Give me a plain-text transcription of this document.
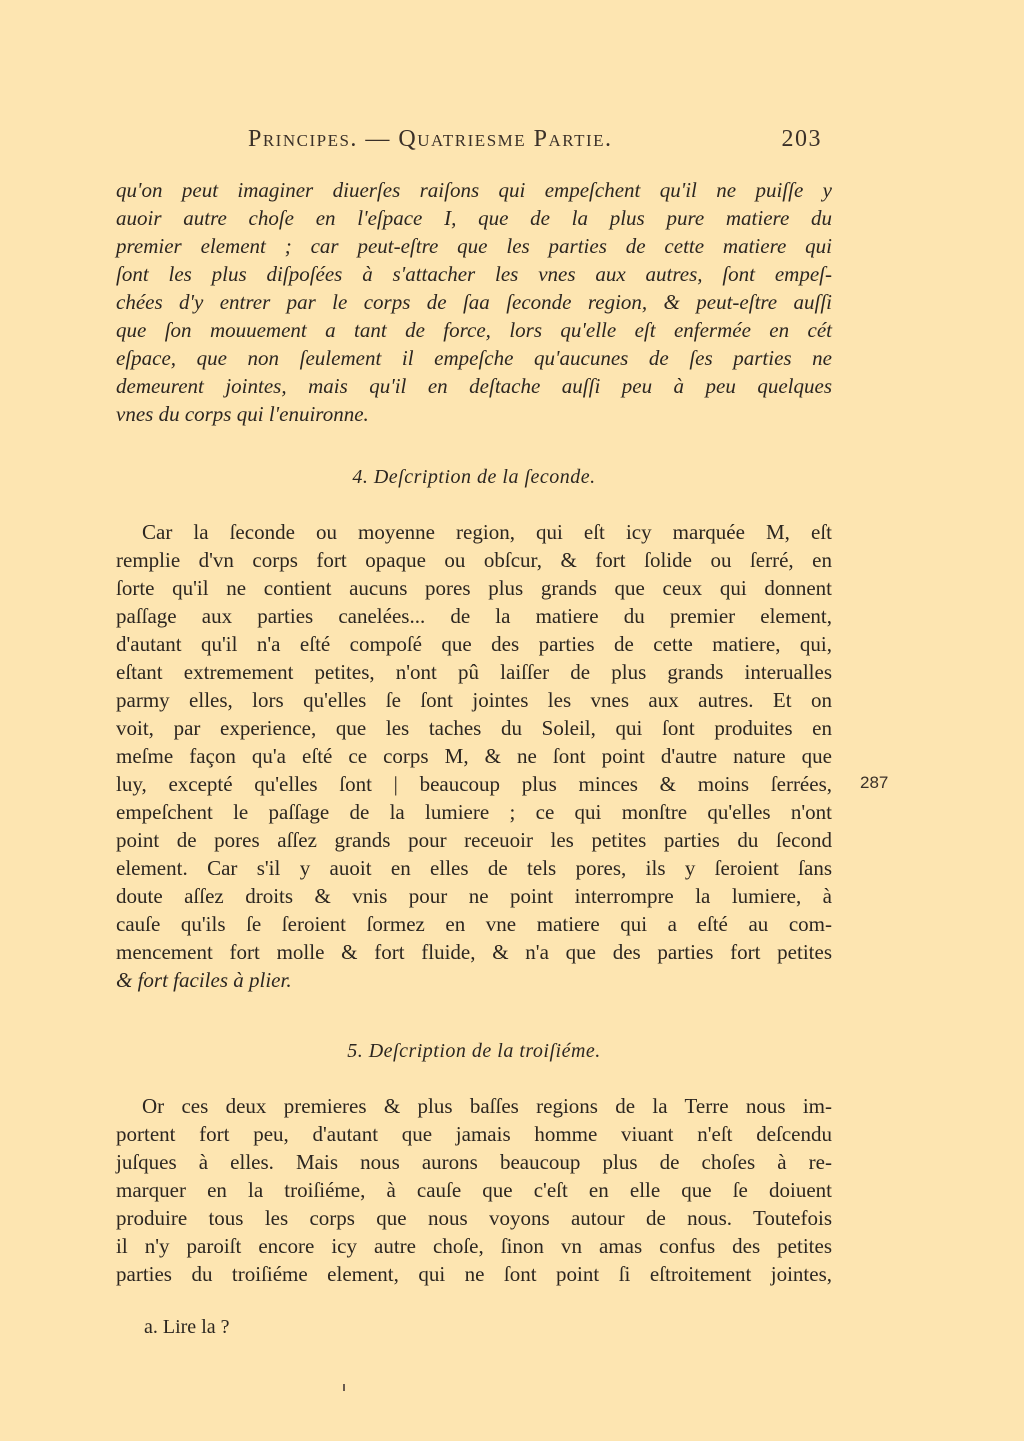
Principes. — Quatriesme Partie.	203
qu'on peut imaginer diuerſes raiſons qui empeſchent qu'il ne puiſſe y
auoir autre choſe en l'eſpace I, que de la plus pure matiere du
premier element ; car peut-eſtre que les parties de cette matiere qui
ſont les plus diſpoſées à s'attacher les vnes aux autres, ſont empeſ-
chées d'y entrer par le corps de ſaa ſeconde region, & peut-eſtre auſſi
que ſon mouuement a tant de force, lors qu'elle eſt enfermée en cét
eſpace, que non ſeulement il empeſche qu'aucunes de ſes parties ne
demeurent jointes, mais qu'il en deſtache auſſi peu à peu quelques
vnes du corps qui l'enuironne.
4. Deſcription de la ſeconde.
Car la ſeconde ou moyenne region, qui eſt icy marquée M, eſt
remplie d'vn corps fort opaque ou obſcur, & fort ſolide ou ſerré, en
ſorte qu'il ne contient aucuns pores plus grands que ceux qui donnent
paſſage aux parties canelées... de la matiere du premier element,
d'autant qu'il n'a eſté compoſé que des parties de cette matiere, qui,
eſtant extremement petites, n'ont pû laiſſer de plus grands interualles
parmy elles, lors qu'elles ſe ſont jointes les vnes aux autres. Et on
voit, par experience, que les taches du Soleil, qui ſont produites en
meſme façon qu'a eſté ce corps M, & ne ſont point d'autre nature que
luy, excepté qu'elles ſont | beaucoup plus minces & moins ſerrées,
empeſchent le paſſage de la lumiere ; ce qui monſtre qu'elles n'ont
point de pores aſſez grands pour receuoir les petites parties du ſecond
element. Car s'il y auoit en elles de tels pores, ils y ſeroient ſans
doute aſſez droits & vnis pour ne point interrompre la lumiere, à
cauſe qu'ils ſe ſeroient ſormez en vne matiere qui a eſté au com-
mencement fort molle & fort fluide, & n'a que des parties fort petites
& fort faciles à plier.
287
5. Deſcription de la troiſiéme.
Or ces deux premieres & plus baſſes regions de la Terre nous im-
portent fort peu, d'autant que jamais homme viuant n'eſt deſcendu
juſques à elles. Mais nous aurons beaucoup plus de choſes à re-
marquer en la troiſiéme, à cauſe que c'eſt en elle que ſe doiuent
produire tous les corps que nous voyons autour de nous. Toutefois
il n'y paroiſt encore icy autre choſe, ſinon vn amas confus des petites
parties du troiſiéme element, qui ne ſont point ſi eſtroitement jointes,
a. Lire la ?
